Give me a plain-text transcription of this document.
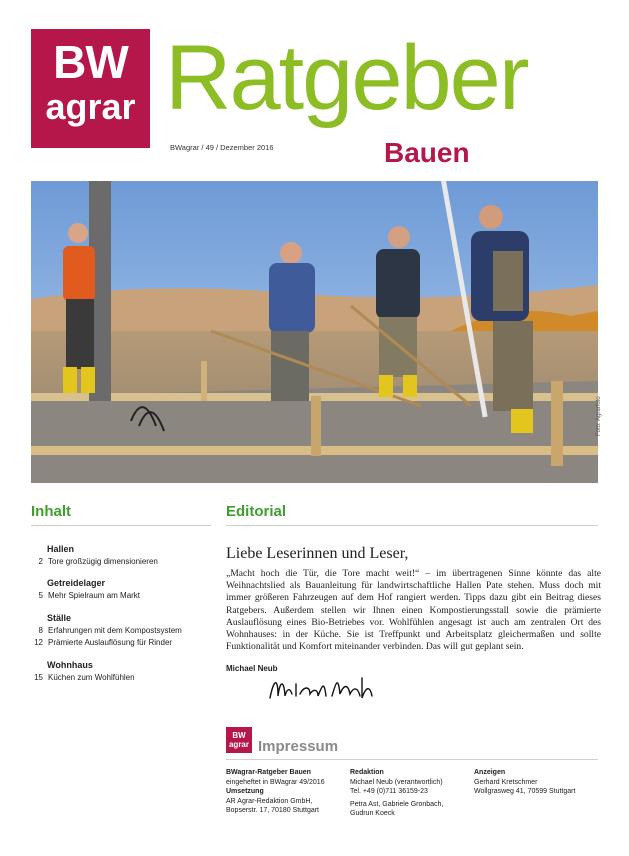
BW
agrar Ratgeber
BWagrar / 49 / Dezember 2016	Bauen
Foto: Agrarfoto
Inhalt
Hallen
2 Tore großzügig dimensionieren
Getreidelager
5 Mehr Spielraum am Markt
Ställe
8 Erfahrungen mit dem Kompostsystem
12 Prämierte Auslauflösung für Rinder
Wohnhaus
15 Küchen zum Wohlfühlen
Editorial
Liebe Leserinnen und Leser,
„Macht hoch die Tür, die Tore macht weit!“ – im übertragenen Sinne könnte das alte Weihnachtslied als Bauanleitung für landwirtschaftliche Hallen Pate stehen. Muss doch mit immer größeren Fahrzeugen auf dem Hof rangiert werden. Tipps dazu gibt ein Beitrag dieses Ratgebers. Außerdem stellen wir Ihnen einen Kompostierungsstall sowie die prämierte Auslauflösung eines Bio-Betriebes vor. Wohlfühlen angesagt ist auch am zentralen Ort des Wohnhauses: in der Küche. Sie ist Treffpunkt und Arbeitsplatz gleichermaßen und sollte Funktionalität und Komfort miteinander verbinden. Das will gut geplant sein.
Michael Neub
BW
agrar Impressum
BWagrar-Ratgeber Bauen
eingeheftet in BWagrar 49/2016
Umsetzung
AR Agrar-Redaktion GmbH,
Bopserstr. 17, 70180 Stuttgart
Redaktion
Michael Neub (verantwortlich)
Tel. +49 (0)711 36159-23
Petra Ast, Gabriele Gronbach,
Gudrun Koeck
Anzeigen
Gerhard Kretschmer
Wollgrasweg 41, 70599 Stuttgart
